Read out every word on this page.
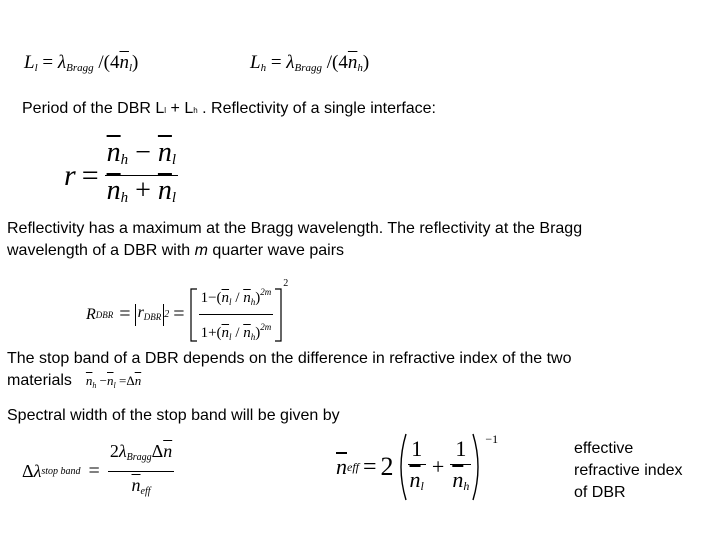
$L_l = \lambda_{Bragg}$ $/(4\overline{n}_l)$	$L_h = \lambda_{Bragg}$ $/(4\overline{n}_h)$
Period of the DBR Ll + Lh . Reflectivity of a single interface:
$r = \frac{\overline{n}_h - \overline{n}_l}{\overline{n}_h + \overline{n}_l}$
Reflectivity has a maximum at the Bragg wavelength. The reflectivity at the Bragg
wavelength of a DBR with m quarter wave pairs
R DBR = $r_{DBR}$ $2 = \frac{1-(\overline{n}_l / \overline{n}_h)^{2m}}{1+(\overline{n}_l / \overline{n}_h)^{2m}} 2$
The stop band of a DBR depends on the difference in refractive index of the two
materials $\overline{n}_h -\overline{n}_l =\Delta\overline{n}$
Spectral width of the stop band will be given by
Δ λ stop band = $\frac{2\lambda_{Bragg}\Delta\overline{n}}{\overline{n}_{eff}}$	$\overline{n}$ eff = $2 \frac{1}{\overline{n}_l} + \frac{1}{\overline{n}_h} -1$
effective
refractive index
of DBR
